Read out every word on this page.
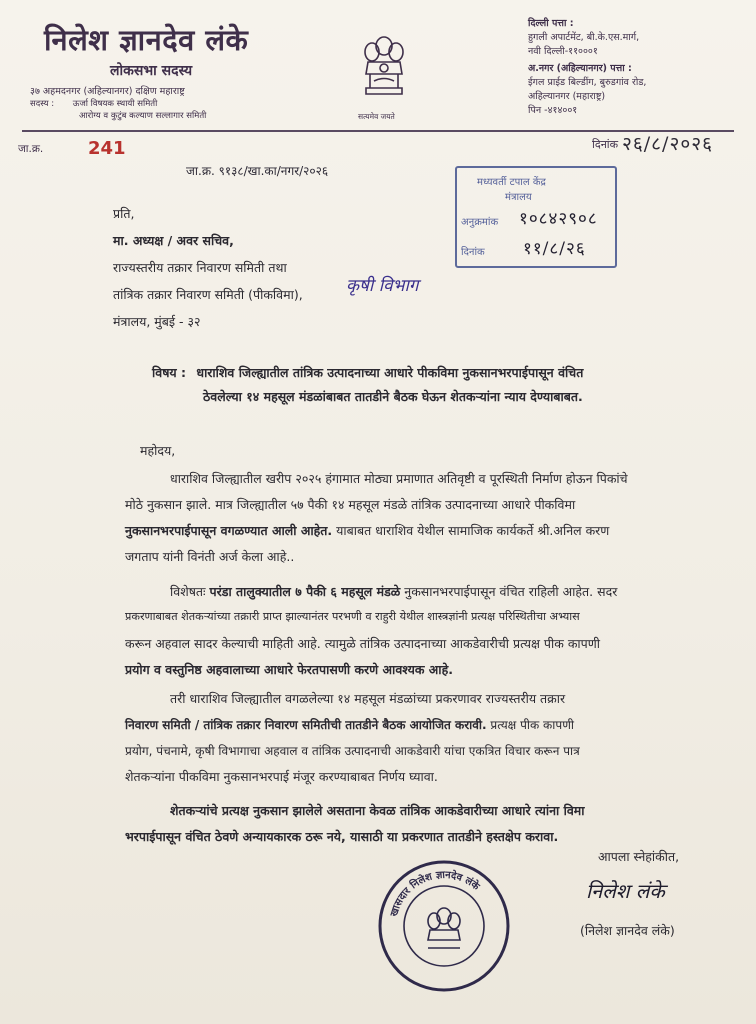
निलेश ज्ञानदेव लंके
लोकसभा सदस्य
३७ अहमदनगर (अहिल्यानगर) दक्षिण महाराष्ट्र
सदस्य : ऊर्जा विषयक स्थायी समिती
आरोग्य व कुटुंब कल्याण सल्लागार समिती	सत्यमेव जयते
दिल्ली पत्ता :
हुगली अपार्टमेंट, बी.के.एस.मार्ग,
नवी दिल्ली-११०००१
अ.नगर (अहिल्यानगर) पत्ता :
ईगल प्राईड बिल्डींग, बुरुडगांव रोड,
अहिल्यानगर (महाराष्ट्र)
पिन -४१४००१
जा.क्र. 241	दिनांक २६/८/२०२६
जा.क्र. ९१३८/खा.का/नगर/२०२६
मध्यवर्ती टपाल केंद्र
मंत्रालय
अनुक्रमांक १०८४२९०८
दिनांक ११/८/२६
प्रति,
मा. अध्यक्ष / अवर सचिव,
राज्यस्तरीय तक्रार निवारण समिती तथा
तांत्रिक तक्रार निवारण समिती (पीकविमा),	कृषी विभाग
मंत्रालय, मुंबई - ३२
विषय : धाराशिव जिल्ह्यातील तांत्रिक उत्पादनाच्या आधारे पीकविमा नुकसानभरपाईपासून वंचित
ठेवलेल्या १४ महसूल मंडळांबाबत तातडीने बैठक घेऊन शेतकऱ्यांना न्याय देण्याबाबत.
महोदय,
धाराशिव जिल्ह्यातील खरीप २०२५ हंगामात मोठ्या प्रमाणात अतिवृष्टी व पूरस्थिती निर्माण होऊन पिकांचे
मोठे नुकसान झाले. मात्र जिल्ह्यातील ५७ पैकी १४ महसूल मंडळे तांत्रिक उत्पादनाच्या आधारे पीकविमा
नुकसानभरपाईपासून वगळण्यात आली आहेत. याबाबत धाराशिव येथील सामाजिक कार्यकर्ते श्री.अनिल करण
जगताप यांनी विनंती अर्ज केला आहे..
विशेषतः परंडा तालुक्यातील ७ पैकी ६ महसूल मंडळे नुकसानभरपाईपासून वंचित राहिली आहेत. सदर
प्रकरणाबाबत शेतकऱ्यांच्या तक्रारी प्राप्त झाल्यानंतर परभणी व राहुरी येथील शास्त्रज्ञांनी प्रत्यक्ष परिस्थितीचा अभ्यास
करून अहवाल सादर केल्याची माहिती आहे. त्यामुळे तांत्रिक उत्पादनाच्या आकडेवारीची प्रत्यक्ष पीक कापणी
प्रयोग व वस्तुनिष्ठ अहवालाच्या आधारे फेरतपासणी करणे आवश्यक आहे.
तरी धाराशिव जिल्ह्यातील वगळलेल्या १४ महसूल मंडळांच्या प्रकरणावर राज्यस्तरीय तक्रार
निवारण समिती / तांत्रिक तक्रार निवारण समितीची तातडीने बैठक आयोजित करावी. प्रत्यक्ष पीक कापणी
प्रयोग, पंचनामे, कृषी विभागाचा अहवाल व तांत्रिक उत्पादनाची आकडेवारी यांचा एकत्रित विचार करून पात्र
शेतकऱ्यांना पीकविमा नुकसानभरपाई मंजूर करण्याबाबत निर्णय घ्यावा.
शेतकऱ्यांचे प्रत्यक्ष नुकसान झालेले असताना केवळ तांत्रिक आकडेवारीच्या आधारे त्यांना विमा
भरपाईपासून वंचित ठेवणे अन्यायकारक ठरू नये, यासाठी या प्रकरणात तातडीने हस्तक्षेप करावा.
आपला स्नेहांकीत,
निलेश लंके
(निलेश ज्ञानदेव लंके)
खासदार निलेश ज्ञानदेव लंके
